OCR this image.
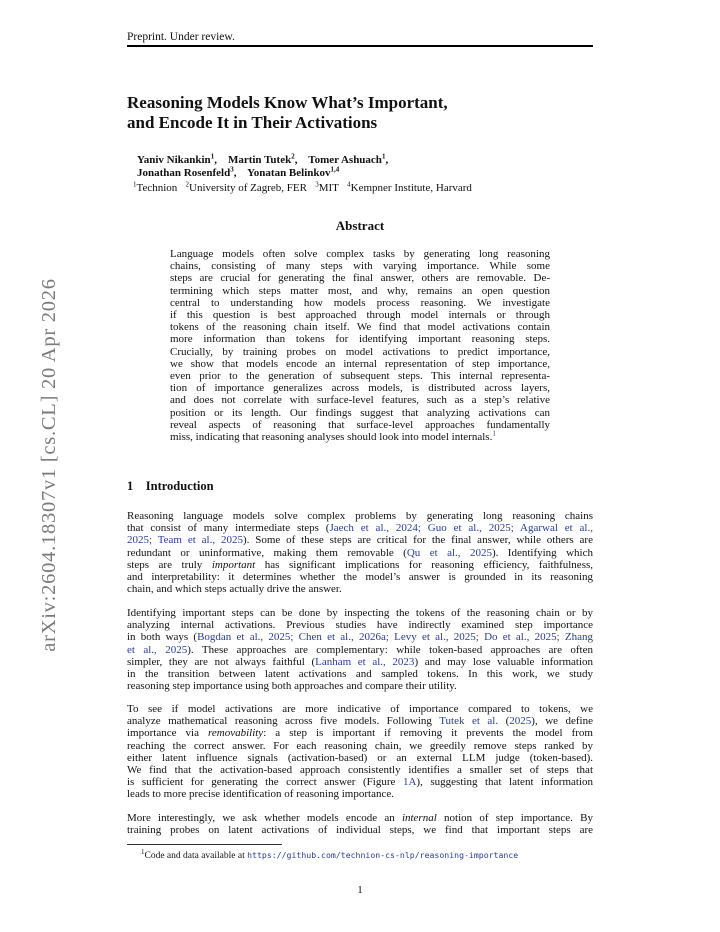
Preprint. Under review.
arXiv:2604.18307v1 [cs.CL] 20 Apr 2026
Reasoning Models Know What’s Important,
and Encode It in Their Activations
Yaniv Nikankin$^1$,    Martin Tutek$^2$,    Tomer Ashuach$^1$,
Jonathan Rosenfeld$^3$,    Yonatan Belinkov$^{1,4}$
$^1$Technion $^2$University of Zagreb, FER $^3$MIT $^4$Kempner Institute, Harvard
Abstract
Language models often solve complex tasks by generating long reasoning
chains, consisting of many steps with varying importance. While some
steps are crucial for generating the final answer, others are removable. De-
termining which steps matter most, and why, remains an open question
central to understanding how models process reasoning. We investigate
if this question is best approached through model internals or through
tokens of the reasoning chain itself. We find that model activations contain
more information than tokens for identifying important reasoning steps.
Crucially, by training probes on model activations to predict importance,
we show that models encode an internal representation of step importance,
even prior to the generation of subsequent steps. This internal representa-
tion of importance generalizes across models, is distributed across layers,
and does not correlate with surface-level features, such as a step’s relative
position or its length. Our findings suggest that analyzing activations can
reveal aspects of reasoning that surface-level approaches fundamentally
miss, indicating that reasoning analyses should look into model internals.$^1$
1 Introduction
Reasoning language models solve complex problems by generating long reasoning chains
that consist of many intermediate steps (Jaech et al., 2024; Guo et al., 2025; Agarwal et al.,
2025; Team et al., 2025). Some of these steps are critical for the final answer, while others are
redundant or uninformative, making them removable (Qu et al., 2025). Identifying which
steps are truly important has significant implications for reasoning efficiency, faithfulness,
and interpretability: it determines whether the model’s answer is grounded in its reasoning
chain, and which steps actually drive the answer.
Identifying important steps can be done by inspecting the tokens of the reasoning chain or by
analyzing internal activations. Previous studies have indirectly examined step importance
in both ways (Bogdan et al., 2025; Chen et al., 2026a; Levy et al., 2025; Do et al., 2025; Zhang
et al., 2025). These approaches are complementary: while token-based approaches are often
simpler, they are not always faithful (Lanham et al., 2023) and may lose valuable information
in the transition between latent activations and sampled tokens. In this work, we study
reasoning step importance using both approaches and compare their utility.
To see if model activations are more indicative of importance compared to tokens, we
analyze mathematical reasoning across five models. Following Tutek et al. (2025), we define
importance via removability: a step is important if removing it prevents the model from
reaching the correct answer. For each reasoning chain, we greedily remove steps ranked by
either latent influence signals (activation-based) or an external LLM judge (token-based).
We find that the activation-based approach consistently identifies a smaller set of steps that
is sufficient for generating the correct answer (Figure 1A), suggesting that latent information
leads to more precise identification of reasoning importance.
More interestingly, we ask whether models encode an internal notion of step importance. By
training probes on latent activations of individual steps, we find that important steps are
$^1$Code and data available at https://github.com/technion-cs-nlp/reasoning-importance
1
